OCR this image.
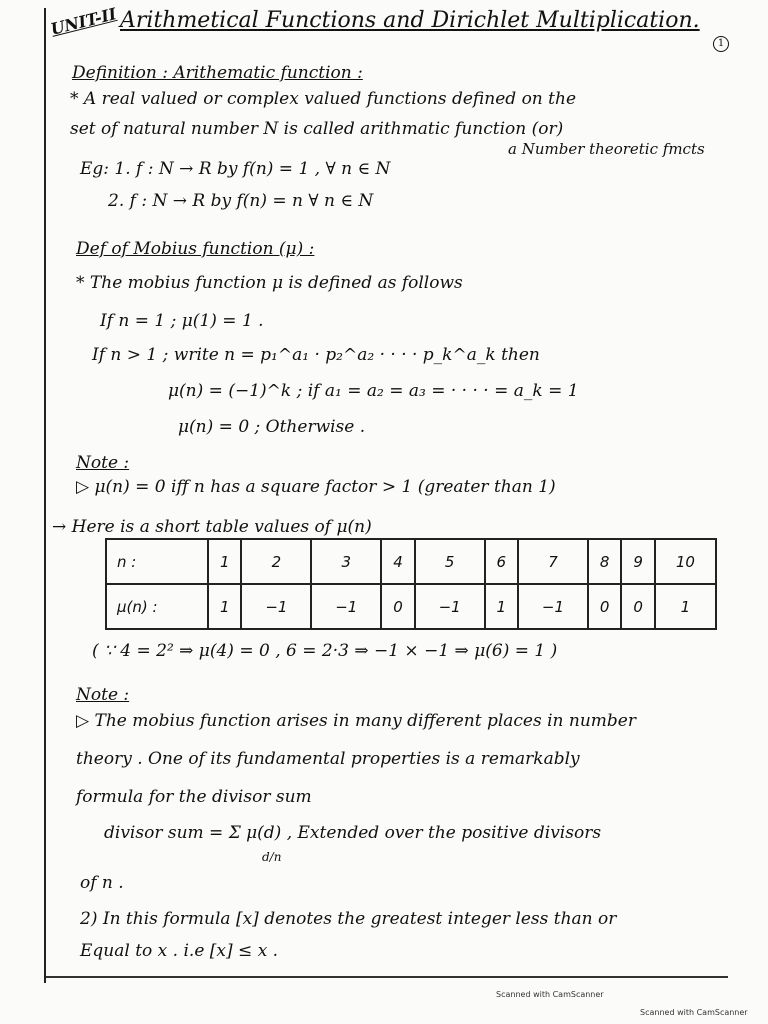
UNIT-II Arithmetical Functions and Dirichlet Multiplication.
1
Definition : Arithematic function :
* A real valued or complex valued functions defined on the
set of natural number N is called arithmatic function (or)
a Number theoretic fmcts
Eg: 1. f : N → R by f(n) = 1 , ∀ n ∈ N
2. f : N → R by f(n) = n ∀ n ∈ N
Def of Mobius function (μ) :
* The mobius function μ is defined as follows
If n = 1 ; μ(1) = 1 .
If n > 1 ; write n = p₁^a₁ · p₂^a₂ · · · · p_k^a_k then
μ(n) = (−1)^k ; if a₁ = a₂ = a₃ = · · · · = a_k = 1
μ(n) = 0 ; Otherwise .
Note :
▷ μ(n) = 0 iff n has a square factor > 1 (greater than 1)
→ Here is a short table values of μ(n)
n :	1	2	3	4	5	6	7	8	9	10
μ(n) :	1	−1	−1	0	−1	1	−1	0	0	1
( ∵ 4 = 2² ⇒ μ(4) = 0 , 6 = 2·3 ⇒ −1 × −1 ⇒ μ(6) = 1 )
Note :
▷ The mobius function arises in many different places in number
theory . One of its fundamental properties is a remarkably
formula for the divisor sum
divisor sum = Σ μ(d) , Extended over the positive divisors
d/n
of n .
2) In this formula [x] denotes the greatest integer less than or
Equal to x . i.e [x] ≤ x .
Scanned with CamScanner
Scanned with CamScanner
